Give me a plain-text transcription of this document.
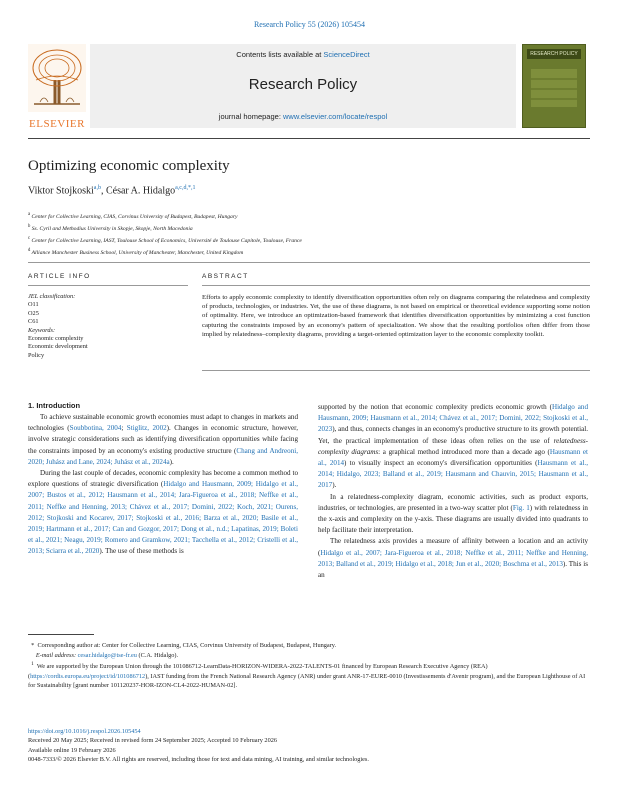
Research Policy 55 (2026) 105454
ELSEVIER
Contents lists available at ScienceDirect
Research Policy
journal homepage: www.elsevier.com/locate/respol
RESEARCH POLICY
Optimizing economic complexity
Viktor Stojkoski$^{a,b}$, César A. Hidalgo$^{a,c,d,*,1}$
$^a$ Center for Collective Learning, CIAS, Corvinus University of Budapest, Budapest, Hungary
$^b$ Ss. Cyril and Methodius University in Skopje, Skopje, North Macedonia
$^c$ Center for Collective Learning, IAST, Toulouse School of Economics, Université de Toulouse Capitole, Toulouse, France
$^d$ Alliance Manchester Business School, University of Manchester, Manchester, United Kingdom
ARTICLE INFO	ABSTRACT
JEL classification:
O11
O25
C61
Keywords:
Economic complexity
Economic development
Policy
Efforts to apply economic complexity to identify diversification opportunities often rely on diagrams comparing the relatedness and complexity of products, technologies, or industries. Yet, the use of these diagrams, is not based on empirical or theoretical evidence supporting some notion of optimality. Here, we introduce an optimization-based framework that identifies diversification opportunities by minimizing a cost function capturing the constraints imposed by an economy's pattern of specialization. We show that the resulting portfolios often differ from those implied by relatedness–complexity diagrams, providing a target-oriented optimization layer to the economic complexity toolkit.
1. Introduction

To achieve sustainable economic growth economies must adapt to changes in markets and technologies (Soubbotina, 2004; Stiglitz, 2002). Changes in economic structure, however, involve strategic considerations such as identifying diversification opportunities while facing the constraints imposed by an economy's existing productive structure (Chang and Andreoni, 2020; Juhász and Lane, 2024; Juhász et al., 2024a).

During the last couple of decades, economic complexity has become a common method to explore questions of strategic diversification (Hidalgo and Hausmann, 2009; Hidalgo et al., 2007; Bustos et al., 2012; Hausmann et al., 2014; Jara-Figueroa et al., 2018; Neffke et al., 2011; Neffke and Henning, 2013; Chávez et al., 2017; Domini, 2022; Koch, 2021; Ourens, 2012; Stojkoski and Kocarev, 2017; Stojkoski et al., 2016; Barza et al., 2020; Basile et al., 2019; Hartmann et al., 2017; Can and Gozgor, 2017; Dong et al., n.d.; Lapatinas, 2019; Boleti et al., 2021; Neagu, 2019; Romero and Gramkow, 2021; Tacchella et al., 2012; Cristelli et al., 2013; Sciarra et al., 2020). The use of these methods is

supported by the notion that economic complexity predicts economic growth (Hidalgo and Hausmann, 2009; Hausmann et al., 2014; Chávez et al., 2017; Domini, 2022; Stojkoski et al., 2023), and thus, connects changes in an economy's productive structure to its growth potential. Yet, the practical implementation of these ideas often relies on the use of relatedness-complexity diagrams: a graphical method introduced more than a decade ago (Hausmann et al., 2014) to visually inspect an economy's diversification opportunities (Hausmann et al., 2014; Hidalgo, 2023; Balland et al., 2019; Hausmann and Chauvin, 2015; Hausmann et al., 2017).

In a relatedness-complexity diagram, economic activities, such as product exports, industries, or technologies, are presented in a two-way scatter plot (Fig. 1) with relatedness in the x-axis and complexity on the y-axis. These diagrams are usually divided into quadrants to help facilitate their interpretation.

The relatedness axis provides a measure of affinity between a location and an activity (Hidalgo et al., 2007; Jara-Figueroa et al., 2018; Neffke et al., 2011; Neffke and Henning, 2013; Balland et al., 2019; Hidalgo et al., 2018; Jun et al., 2020; Boschma et al., 2013). This is an

* Corresponding author at: Center for Collective Learning, CIAS, Corvinus University of Budapest, Budapest, Hungary.

E-mail address: cesar.hidalgo@tse-fr.eu (C.A. Hidalgo).

$^1$ We are supported by the European Union through the 101086712-LearnData-HORIZON-WIDERA-2022-TALENTS-01 financed by European Research Executive Agency (REA) (https://cordis.europa.eu/project/id/101086712), IAST funding from the French National Research Agency (ANR) under grant ANR-17-EURE-0010 (Investissements d'Avenir program), and the European Lighthouse of AI for Sustainability [grant number 101120237-HOR-IZON-CL4-2022-HUMAN-02].

https://doi.org/10.1016/j.respol.2026.105454

Received 20 May 2025; Received in revised form 24 September 2025; Accepted 10 February 2026

Available online 19 February 2026

0048-7333/© 2026 Elsevier B.V. All rights are reserved, including those for text and data mining, AI training, and similar technologies.
